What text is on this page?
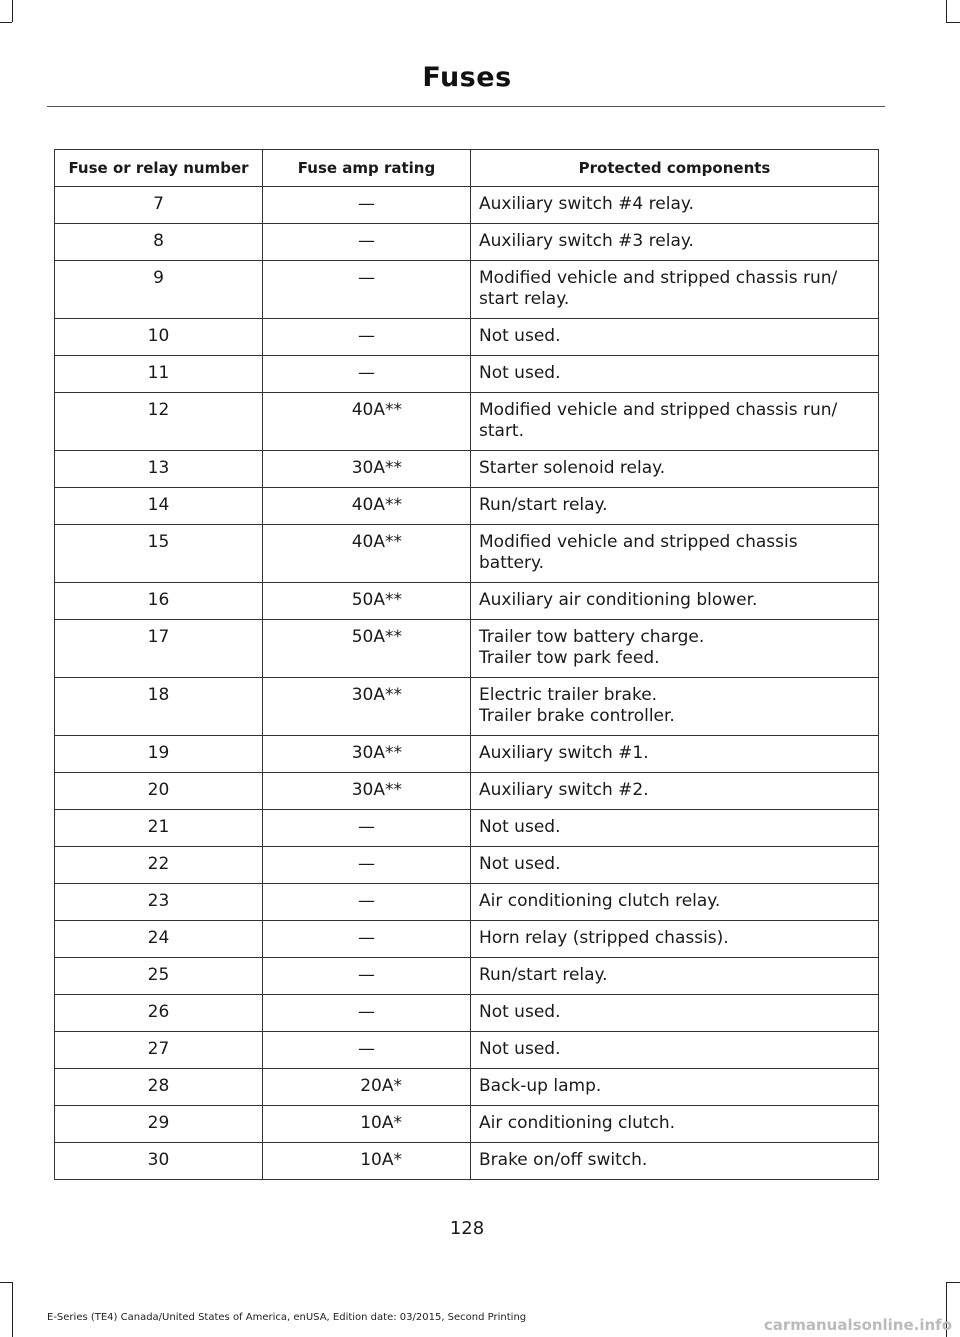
Fuses
Fuse or relay number	Fuse amp rating	Protected components
7	—	Auxiliary switch #4 relay.

8	—	Auxiliary switch #3 relay.

9	—	Modified vehicle and stripped chassis run/
start relay.

10	—	Not used.

11	—	Not used.

12	40A**	Modified vehicle and stripped chassis run/
start.

13	30A**	Starter solenoid relay.

14	40A**	Run/start relay.

15	40A**	Modified vehicle and stripped chassis
battery.

16	50A**	Auxiliary air conditioning blower.

17	50A**	Trailer tow battery charge.
Trailer tow park feed.

18	30A**	Electric trailer brake.
Trailer brake controller.

19	30A**	Auxiliary switch #1.

20	30A**	Auxiliary switch #2.

21	—	Not used.

22	—	Not used.

23	—	Air conditioning clutch relay.

24	—	Horn relay (stripped chassis).

25	—	Run/start relay.

26	—	Not used.

27	—	Not used.

28	20A*	Back-up lamp.

29	10A*	Air conditioning clutch.

30	10A*	Brake on/off switch.
128
E-Series (TE4) Canada/United States of America, enUSA, Edition date: 03/2015, Second Printing	carmanualsonline.info
